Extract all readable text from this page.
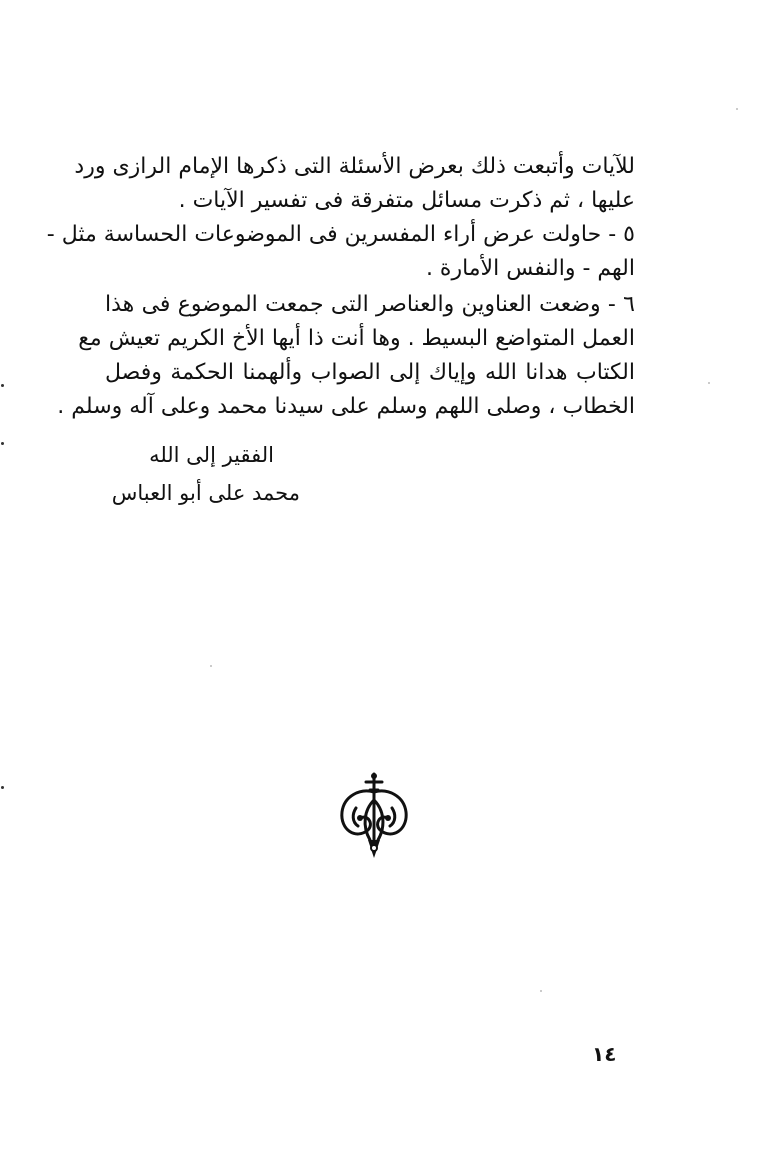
للآيات وأتبعت ذلك بعرض الأسئلة التى ذكرها الإمام الرازى ورد
عليها ، ثم ذكرت مسائل متفرقة فى تفسير الآيات .
٥ - حاولت عرض أراء المفسرين فى الموضوعات الحساسة مثل -
الهم - والنفس الأمارة .
٦ - وضعت العناوين والعناصر التى جمعت الموضوع فى هذا
العمل المتواضع البسيط . وها أنت ذا أيها الأخ الكريم تعيش مع
الكتاب هدانا الله وإياك إلى الصواب وألهمنا الحكمة وفصل
الخطاب ، وصلى اللهم وسلم على سيدنا محمد وعلى آله وسلم .
الفقير إلى الله
محمد على أبو العباس
١٤
